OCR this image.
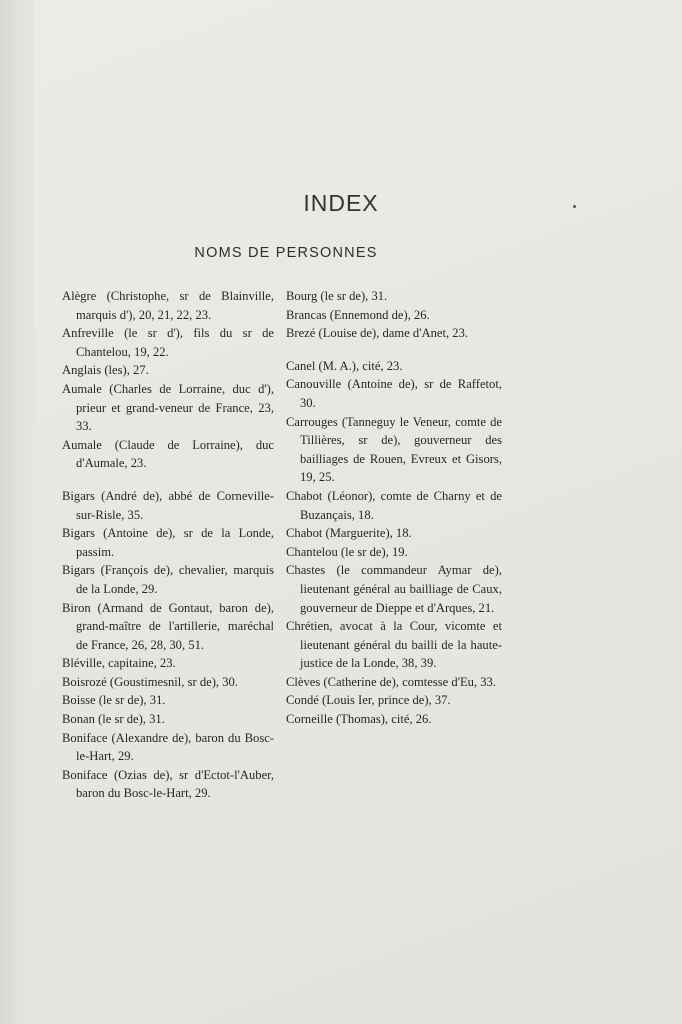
INDEX
NOMS DE PERSONNES
Alègre (Christophe, sr de Blainville, marquis d'), 20, 21, 22, 23.
Anfreville (le sr d'), fils du sr de Chantelou, 19, 22.
Anglais (les), 27.
Aumale (Charles de Lorraine, duc d'), prieur et grand-veneur de France, 23, 33.
Aumale (Claude de Lorraine), duc d'Aumale, 23.
Bigars (André de), abbé de Corneville-sur-Risle, 35.
Bigars (Antoine de), sr de la Londe, passim.
Bigars (François de), chevalier, marquis de la Londe, 29.
Biron (Armand de Gontaut, baron de), grand-maître de l'artillerie, maréchal de France, 26, 28, 30, 51.
Bléville, capitaine, 23.
Boisrozé (Goustimesnil, sr de), 30.
Boisse (le sr de), 31.
Bonan (le sr de), 31.
Boniface (Alexandre de), baron du Bosc-le-Hart, 29.
Boniface (Ozias de), sr d'Ectot-l'Auber, baron du Bosc-le-Hart, 29.
Bourg (le sr de), 31.
Brancas (Ennemond de), 26.
Brezé (Louise de), dame d'Anet, 23.
Canel (M. A.), cité, 23.
Canouville (Antoine de), sr de Raffetot, 30.
Carrouges (Tanneguy le Veneur, comte de Tillières, sr de), gouverneur des bailliages de Rouen, Evreux et Gisors, 19, 25.
Chabot (Léonor), comte de Charny et de Buzançais, 18.
Chabot (Marguerite), 18.
Chantelou (le sr de), 19.
Chastes (le commandeur Aymar de), lieutenant général au bailliage de Caux, gouverneur de Dieppe et d'Arques, 21.
Chrétien, avocat à la Cour, vicomte et lieutenant général du bailli de la haute-justice de la Londe, 38, 39.
Clèves (Catherine de), comtesse d'Eu, 33.
Condé (Louis Ier, prince de), 37.
Corneille (Thomas), cité, 26.
